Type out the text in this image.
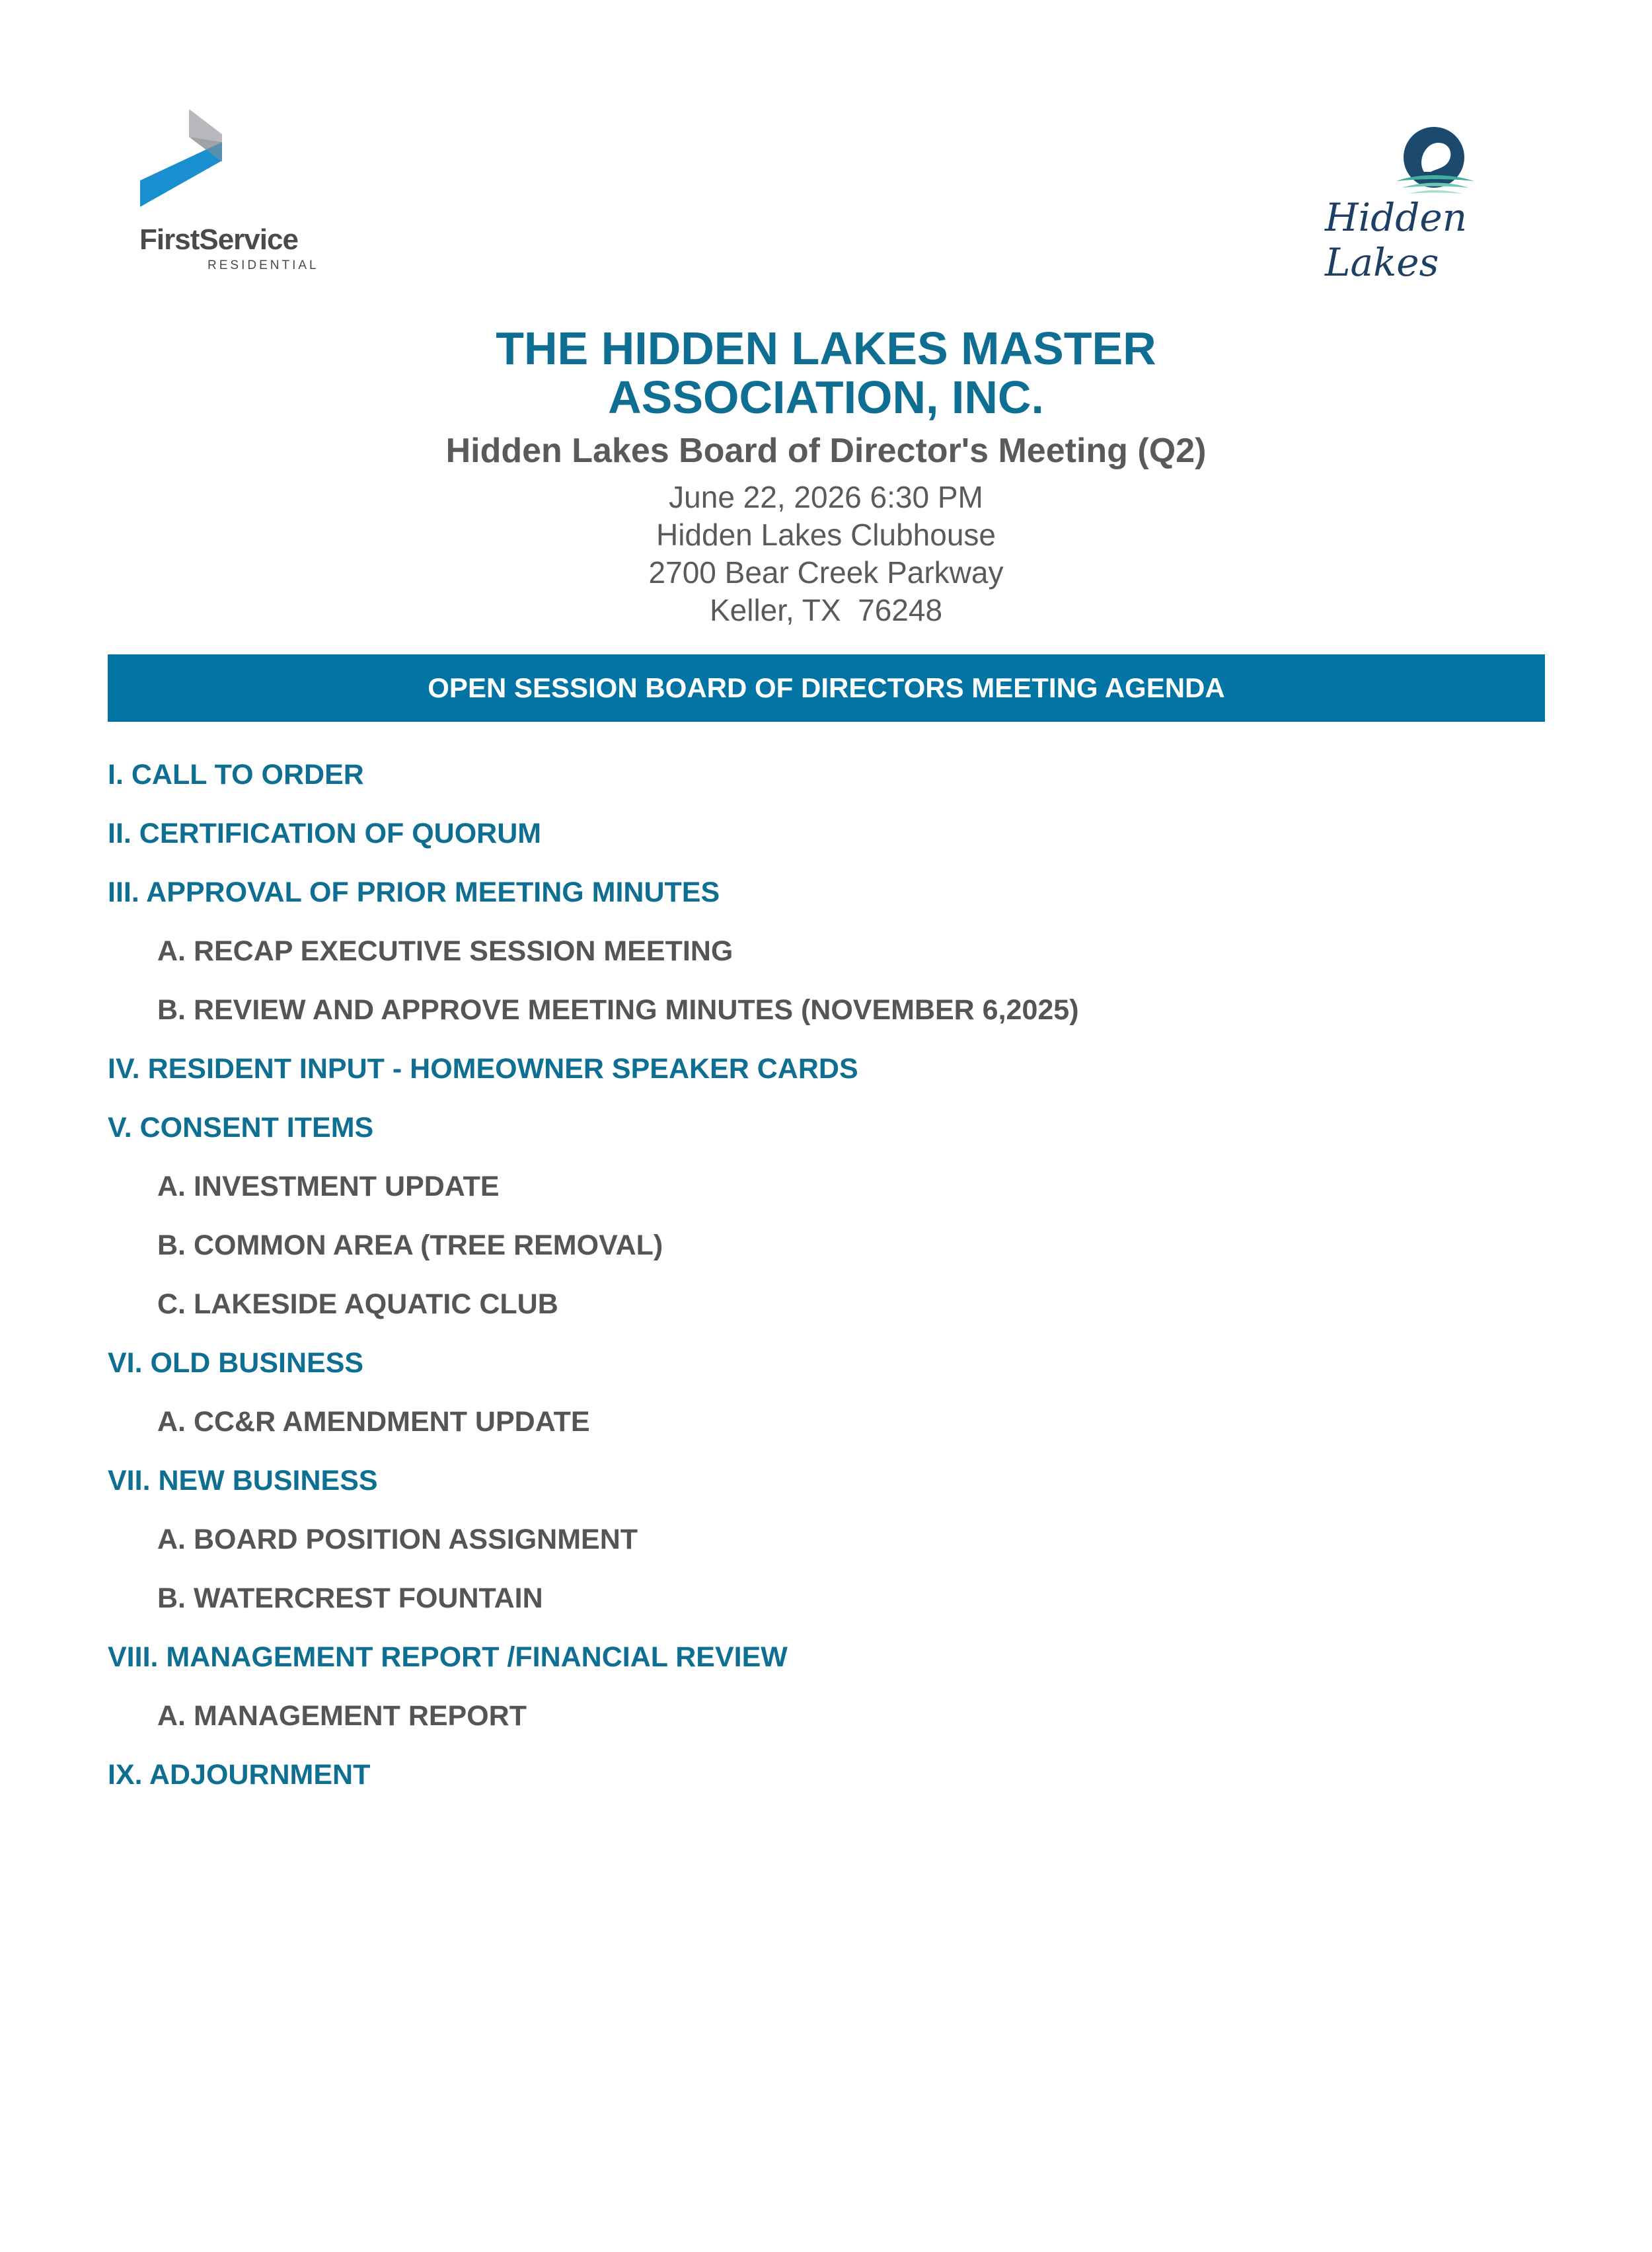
FirstService
RESIDENTIAL
Hidden Lakes
THE HIDDEN LAKES MASTER
ASSOCIATION, INC.
Hidden Lakes Board of Director's Meeting (Q2)
June 22, 2026 6:30 PM
Hidden Lakes Clubhouse
2700 Bear Creek Parkway
Keller, TX  76248
OPEN SESSION BOARD OF DIRECTORS MEETING AGENDA
I. CALL TO ORDER
II. CERTIFICATION OF QUORUM
III. APPROVAL OF PRIOR MEETING MINUTES
A. RECAP EXECUTIVE SESSION MEETING
B. REVIEW AND APPROVE MEETING MINUTES (NOVEMBER 6,2025)
IV. RESIDENT INPUT - HOMEOWNER SPEAKER CARDS
V. CONSENT ITEMS
A. INVESTMENT UPDATE
B. COMMON AREA (TREE REMOVAL)
C. LAKESIDE AQUATIC CLUB
VI. OLD BUSINESS
A. CC&R AMENDMENT UPDATE
VII. NEW BUSINESS
A. BOARD POSITION ASSIGNMENT
B. WATERCREST FOUNTAIN
VIII. MANAGEMENT REPORT /FINANCIAL REVIEW
A. MANAGEMENT REPORT
IX. ADJOURNMENT
